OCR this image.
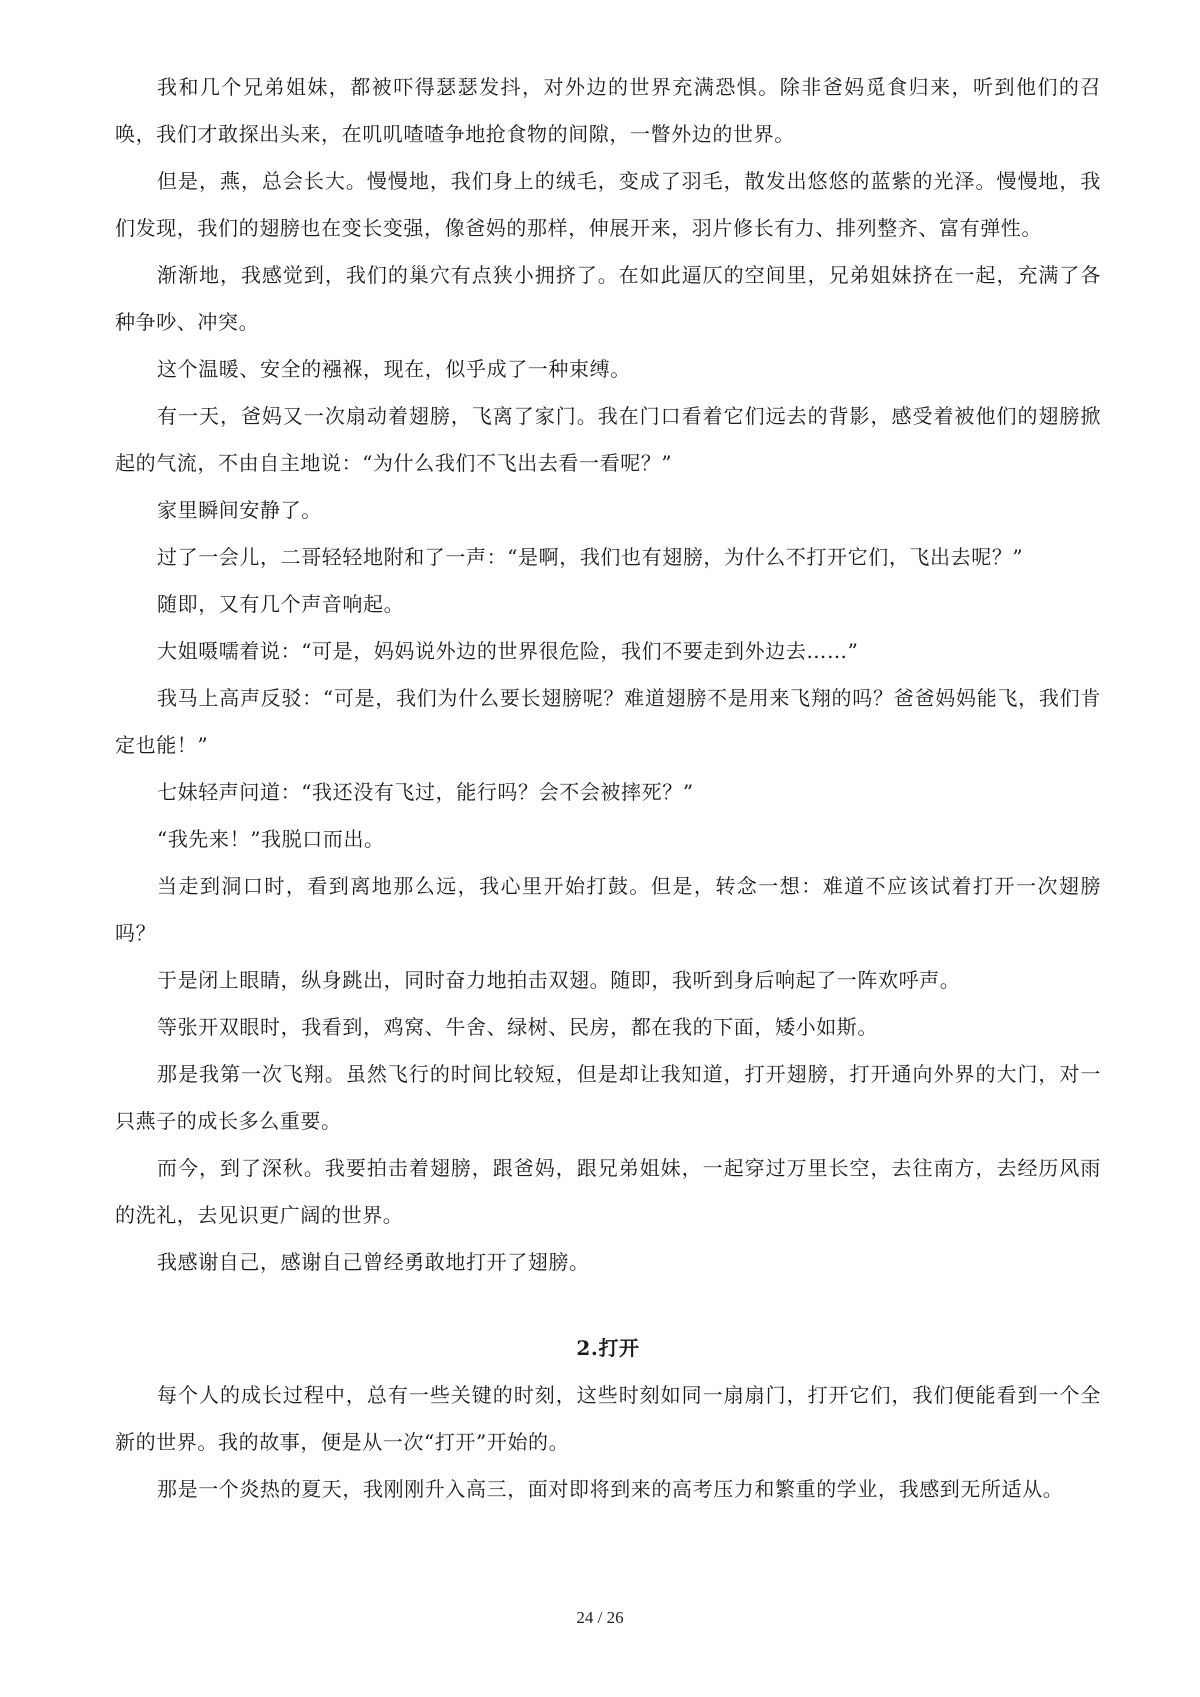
我和几个兄弟姐妹，都被吓得瑟瑟发抖，对外边的世界充满恐惧。除非爸妈觅食归来，听到他们的召唤，我们才敢探出头来，在叽叽喳喳争地抢食物的间隙，一瞥外边的世界。

但是，燕，总会长大。慢慢地，我们身上的绒毛，变成了羽毛，散发出悠悠的蓝紫的光泽。慢慢地，我们发现，我们的翅膀也在变长变强，像爸妈的那样，伸展开来，羽片修长有力、排列整齐、富有弹性。

渐渐地，我感觉到，我们的巢穴有点狭小拥挤了。在如此逼仄的空间里，兄弟姐妹挤在一起，充满了各种争吵、冲突。

这个温暖、安全的襁褓，现在，似乎成了一种束缚。

有一天，爸妈又一次扇动着翅膀，飞离了家门。我在门口看着它们远去的背影，感受着被他们的翅膀掀起的气流，不由自主地说：“为什么我们不飞出去看一看呢？”

家里瞬间安静了。

过了一会儿，二哥轻轻地附和了一声：“是啊，我们也有翅膀，为什么不打开它们，飞出去呢？”

随即，又有几个声音响起。

大姐嗫嚅着说：“可是，妈妈说外边的世界很危险，我们不要走到外边去……”

我马上高声反驳：“可是，我们为什么要长翅膀呢？难道翅膀不是用来飞翔的吗？爸爸妈妈能飞，我们肯定也能！”

七妹轻声问道：“我还没有飞过，能行吗？会不会被摔死？”

“我先来！”我脱口而出。

当走到洞口时，看到离地那么远，我心里开始打鼓。但是，转念一想：难道不应该试着打开一次翅膀吗？

于是闭上眼睛，纵身跳出，同时奋力地拍击双翅。随即，我听到身后响起了一阵欢呼声。

等张开双眼时，我看到，鸡窝、牛舍、绿树、民房，都在我的下面，矮小如斯。

那是我第一次飞翔。虽然飞行的时间比较短，但是却让我知道，打开翅膀，打开通向外界的大门，对一只燕子的成长多么重要。

而今，到了深秋。我要拍击着翅膀，跟爸妈，跟兄弟姐妹，一起穿过万里长空，去往南方，去经历风雨的洗礼，去见识更广阔的世界。

我感谢自己，感谢自己曾经勇敢地打开了翅膀。

2.打开

每个人的成长过程中，总有一些关键的时刻，这些时刻如同一扇扇门，打开它们，我们便能看到一个全新的世界。我的故事，便是从一次“打开”开始的。

那是一个炎热的夏天，我刚刚升入高三，面对即将到来的高考压力和繁重的学业，我感到无所适从。

24 / 26
